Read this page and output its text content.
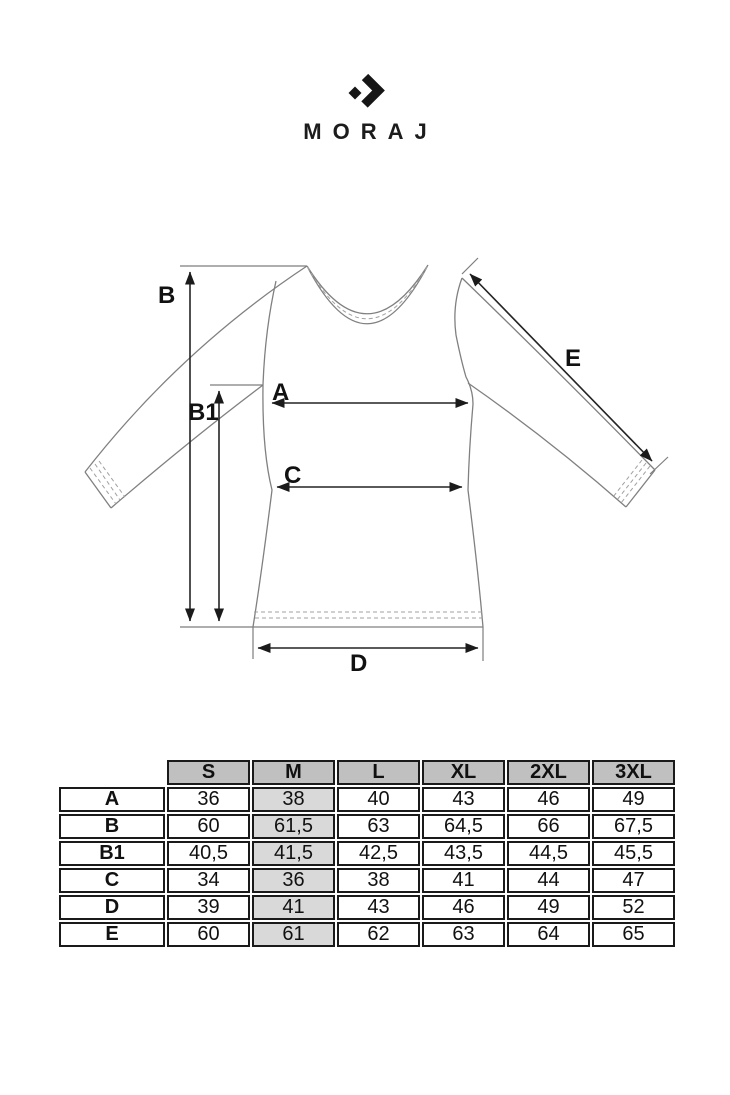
MORAJ
B
B1
A
C
D
E
	S	M	L	XL	2XL	3XL
A	36	38	40	43	46	49
B	60	61,5	63	64,5	66	67,5
B1	40,5	41,5	42,5	43,5	44,5	45,5
C	34	36	38	41	44	47
D	39	41	43	46	49	52
E	60	61	62	63	64	65
